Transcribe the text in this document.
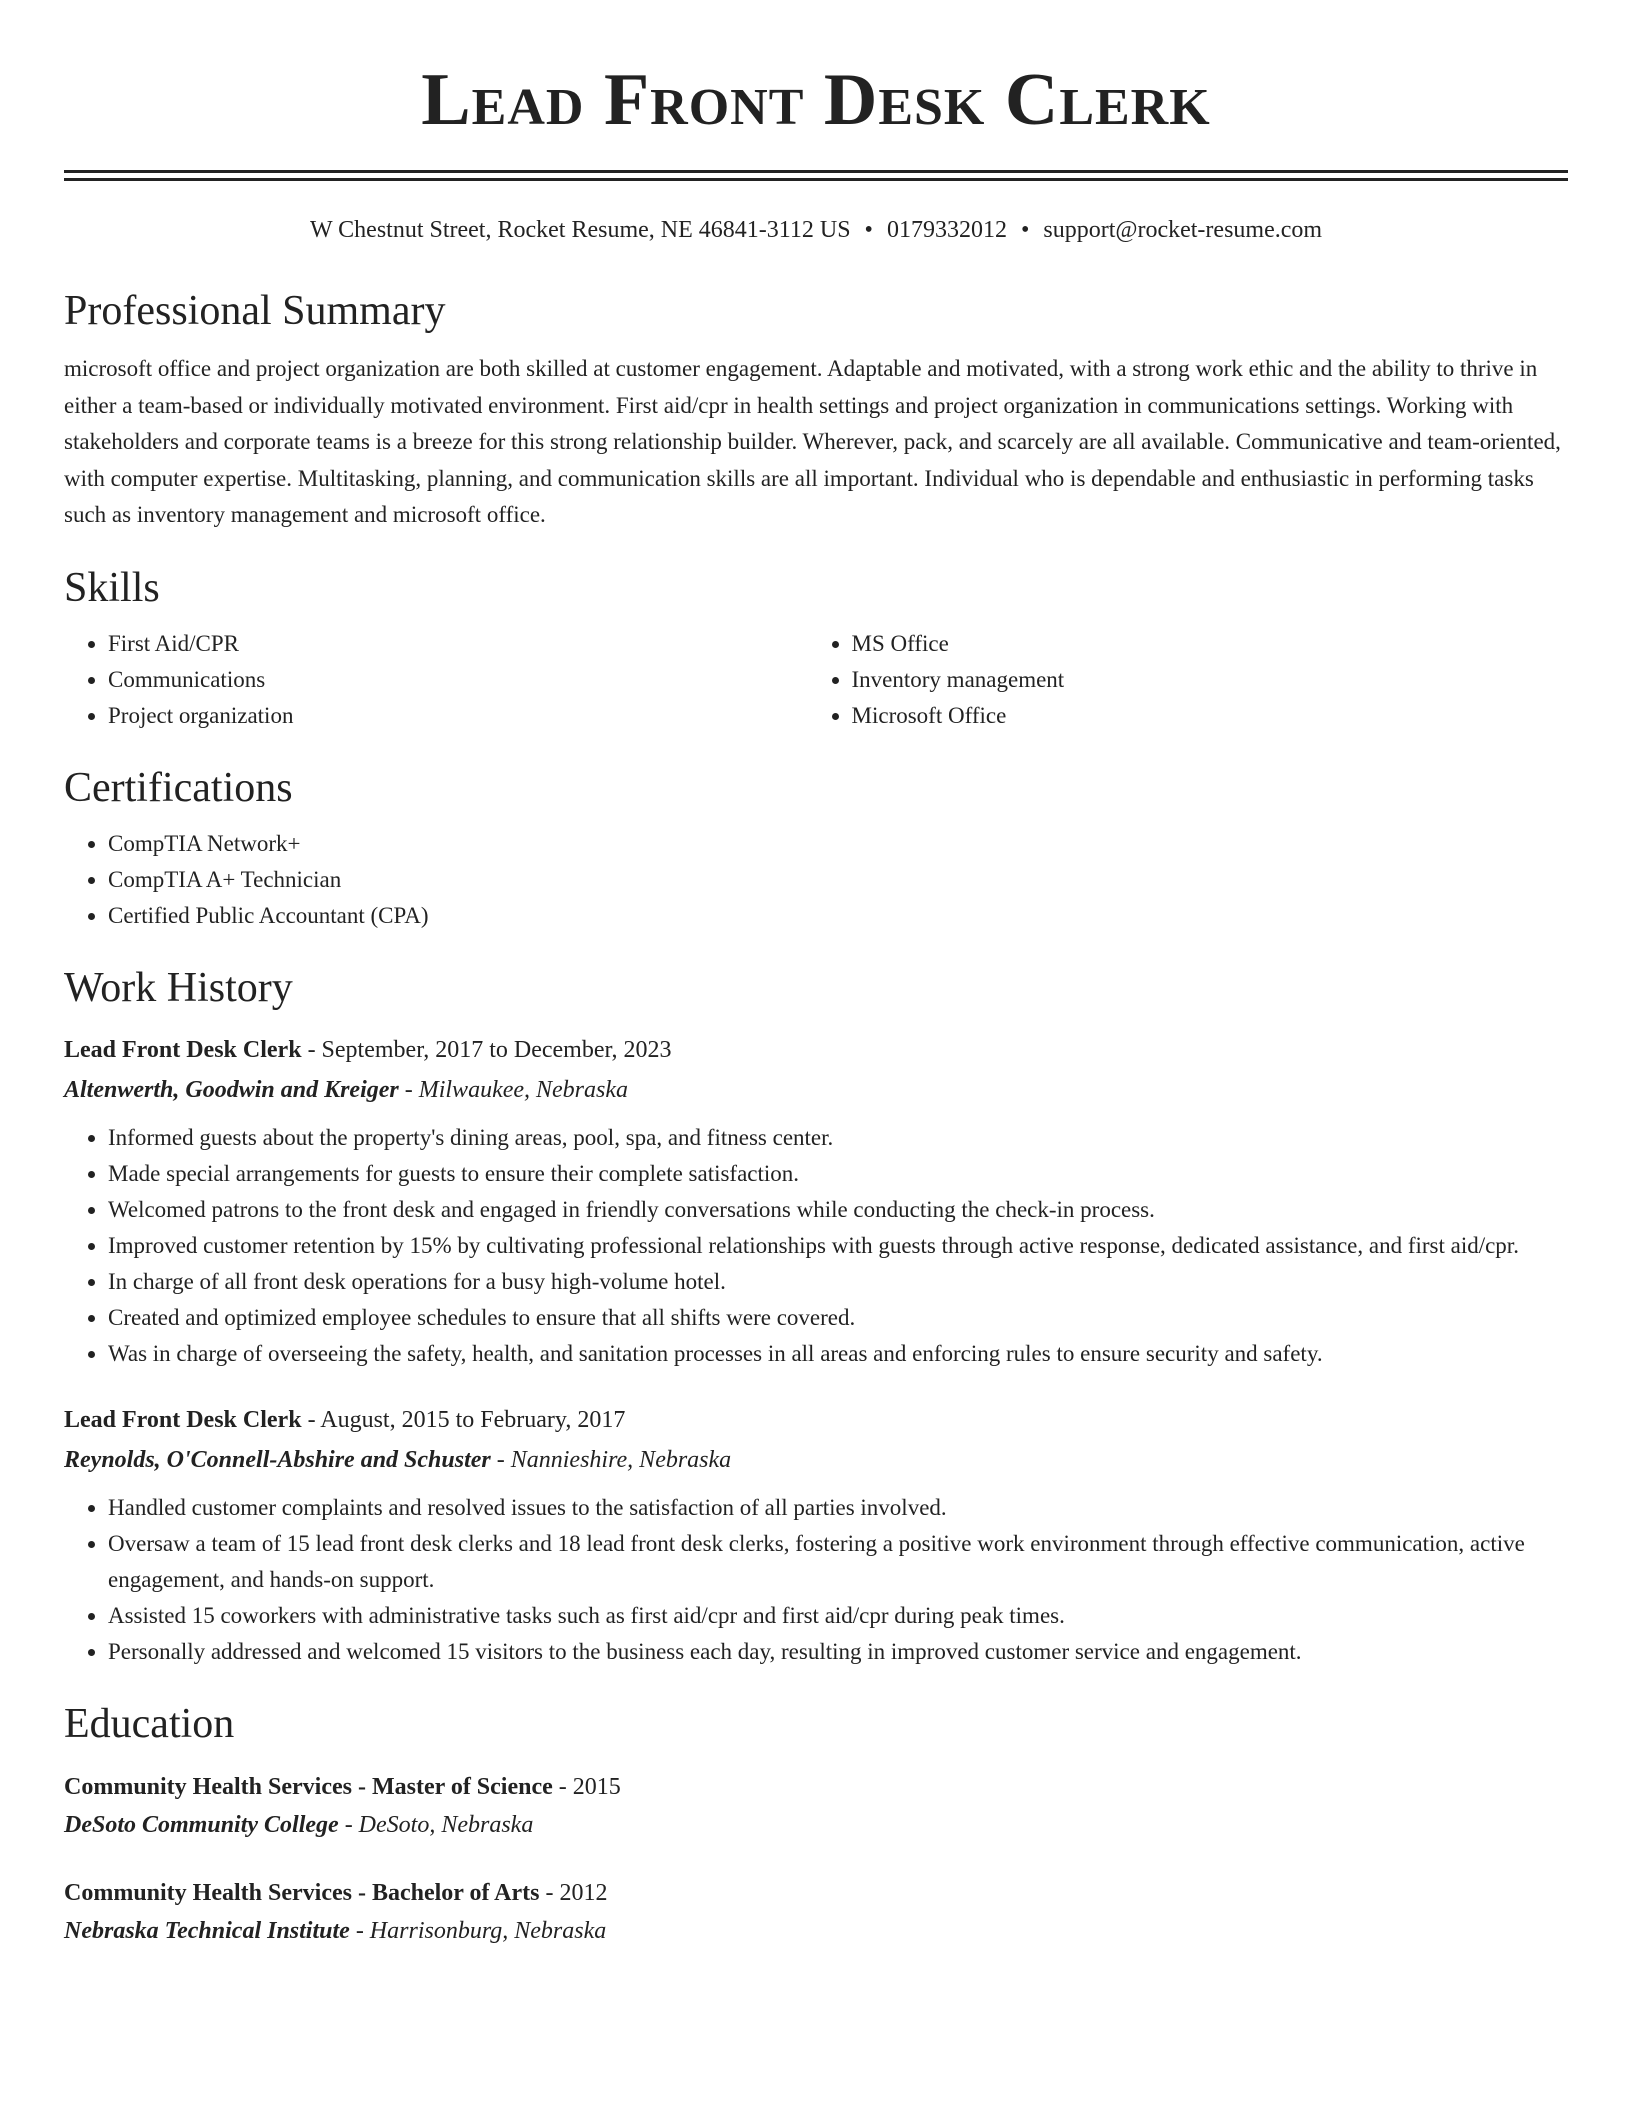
Lead Front Desk Clerk
W Chestnut Street, Rocket Resume, NE 46841-3112 US • 0179332012 • support@rocket-resume.com
Professional Summary

microsoft office and project organization are both skilled at customer engagement. Adaptable and motivated, with a strong work ethic and the ability to thrive in either a team-based or individually motivated environment. First aid/cpr in health settings and project organization in communications settings. Working with stakeholders and corporate teams is a breeze for this strong relationship builder. Wherever, pack, and scarcely are all available. Communicative and team-oriented, with computer expertise. Multitasking, planning, and communication skills are all important. Individual who is dependable and enthusiastic in performing tasks such as inventory management and microsoft office.

Skills
• First Aid/CPR
• Communications
• Project organization
• MS Office
• Inventory management
• Microsoft Office
Certifications
• CompTIA Network+
• CompTIA A+ Technician
• Certified Public Accountant (CPA)
Work History
Lead Front Desk Clerk - September, 2017 to December, 2023
Altenwerth, Goodwin and Kreiger - Milwaukee, Nebraska
• Informed guests about the property's dining areas, pool, spa, and fitness center.
• Made special arrangements for guests to ensure their complete satisfaction.
• Welcomed patrons to the front desk and engaged in friendly conversations while conducting the check-in process.
• Improved customer retention by 15% by cultivating professional relationships with guests through active response, dedicated assistance, and first aid/cpr.
• In charge of all front desk operations for a busy high-volume hotel.
• Created and optimized employee schedules to ensure that all shifts were covered.
• Was in charge of overseeing the safety, health, and sanitation processes in all areas and enforcing rules to ensure security and safety.
Lead Front Desk Clerk - August, 2015 to February, 2017
Reynolds, O'Connell-Abshire and Schuster - Nannieshire, Nebraska
• Handled customer complaints and resolved issues to the satisfaction of all parties involved.
• Oversaw a team of 15 lead front desk clerks and 18 lead front desk clerks, fostering a positive work environment through effective communication, active engagement, and hands-on support.
• Assisted 15 coworkers with administrative tasks such as first aid/cpr and first aid/cpr during peak times.
• Personally addressed and welcomed 15 visitors to the business each day, resulting in improved customer service and engagement.
Education
Community Health Services - Master of Science - 2015
DeSoto Community College - DeSoto, Nebraska
Community Health Services - Bachelor of Arts - 2012
Nebraska Technical Institute - Harrisonburg, Nebraska
